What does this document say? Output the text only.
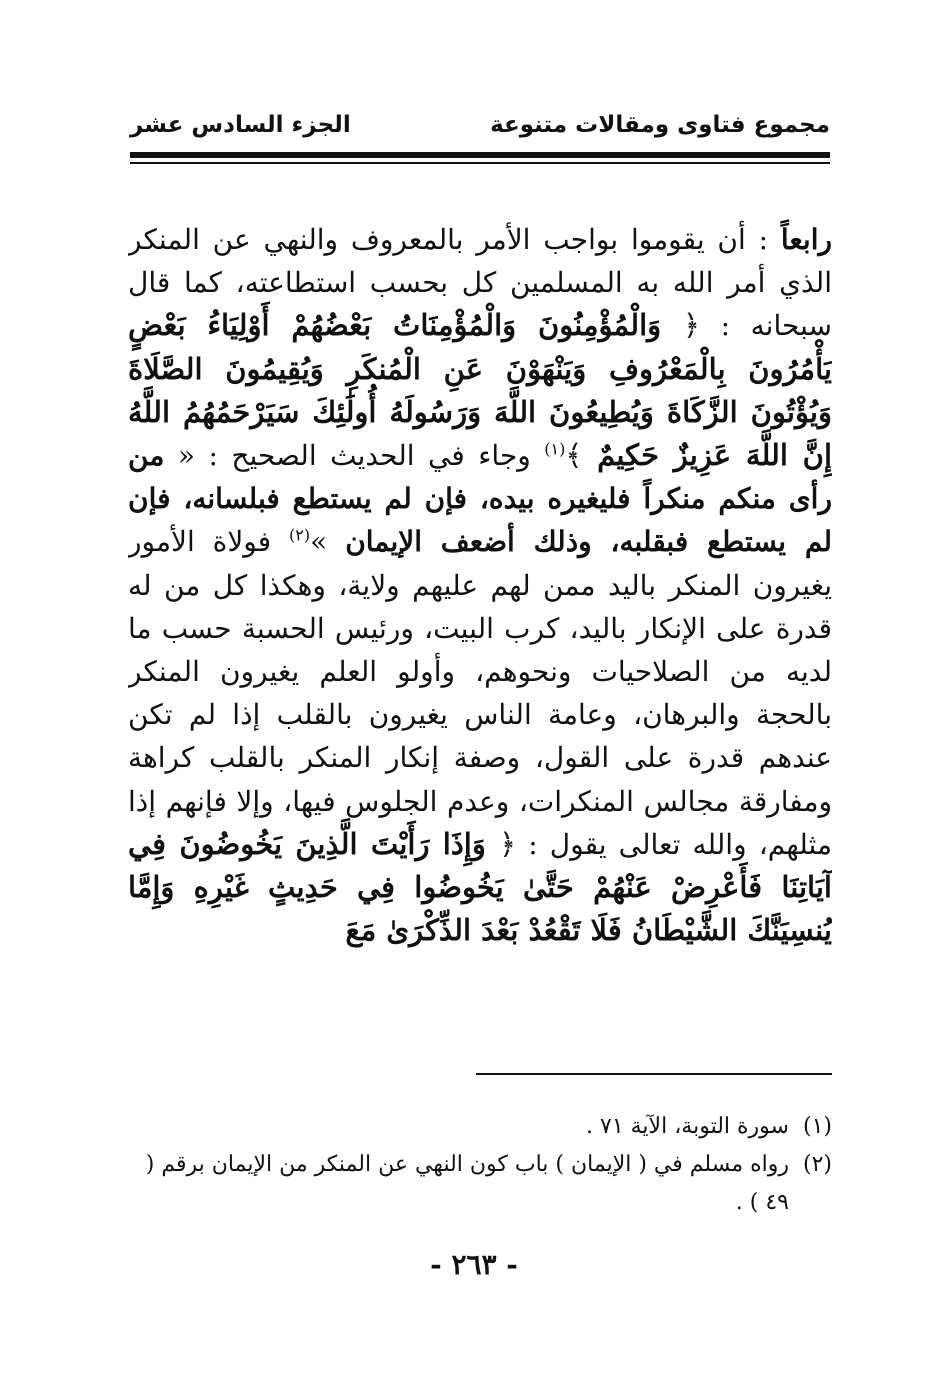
مجموع فتاوى ومقالات متنوعة
الجزء السادس عشر
رابعاً : أن يقوموا بواجب الأمر بالمعروف والنهي عن المنكر الذي أمر الله به المسلمين كل بحسب استطاعته، كما قال سبحانه : ﴿ وَالْمُؤْمِنُونَ وَالْمُؤْمِنَاتُ بَعْضُهُمْ أَوْلِيَاءُ بَعْضٍ يَأْمُرُونَ بِالْمَعْرُوفِ وَيَنْهَوْنَ عَنِ الْمُنكَرِ وَيُقِيمُونَ الصَّلَاةَ وَيُؤْتُونَ الزَّكَاةَ وَيُطِيعُونَ اللَّهَ وَرَسُولَهُ أُولَٰئِكَ سَيَرْحَمُهُمُ اللَّهُ إِنَّ اللَّهَ عَزِيزٌ حَكِيمٌ ﴾$^{(١)}$ وجاء في الحديث الصحيح : « من رأى منكم منكراً فليغيره بيده، فإن لم يستطع فبلسانه، فإن لم يستطع فبقلبه، وذلك أضعف الإيمان »$^{(٢)}$ فولاة الأمور يغيرون المنكر باليد ممن لهم عليهم ولاية، وهكذا كل من له قدرة على الإنكار باليد، كرب البيت، ورئيس الحسبة حسب ما لديه من الصلاحيات ونحوهم، وأولو العلم يغيرون المنكر بالحجة والبرهان، وعامة الناس يغيرون بالقلب إذا لم تكن عندهم قدرة على القول، وصفة إنكار المنكر بالقلب كراهة ومفارقة مجالس المنكرات، وعدم الجلوس فيها، وإلا فإنهم إذا مثلهم، والله تعالى يقول : ﴿ وَإِذَا رَأَيْتَ الَّذِينَ يَخُوضُونَ فِي آيَاتِنَا فَأَعْرِضْ عَنْهُمْ حَتَّىٰ يَخُوضُوا فِي حَدِيثٍ غَيْرِهِ وَإِمَّا يُنسِيَنَّكَ الشَّيْطَانُ فَلَا تَقْعُدْ بَعْدَ الذِّكْرَىٰ مَعَ
(١)
سورة التوبة، الآية ٧١ .
(٢)
رواه مسلم في ( الإيمان ) باب كون النهي عن المنكر من الإيمان برقم ( ٤٩ ) .
- ٢٦٣ -
